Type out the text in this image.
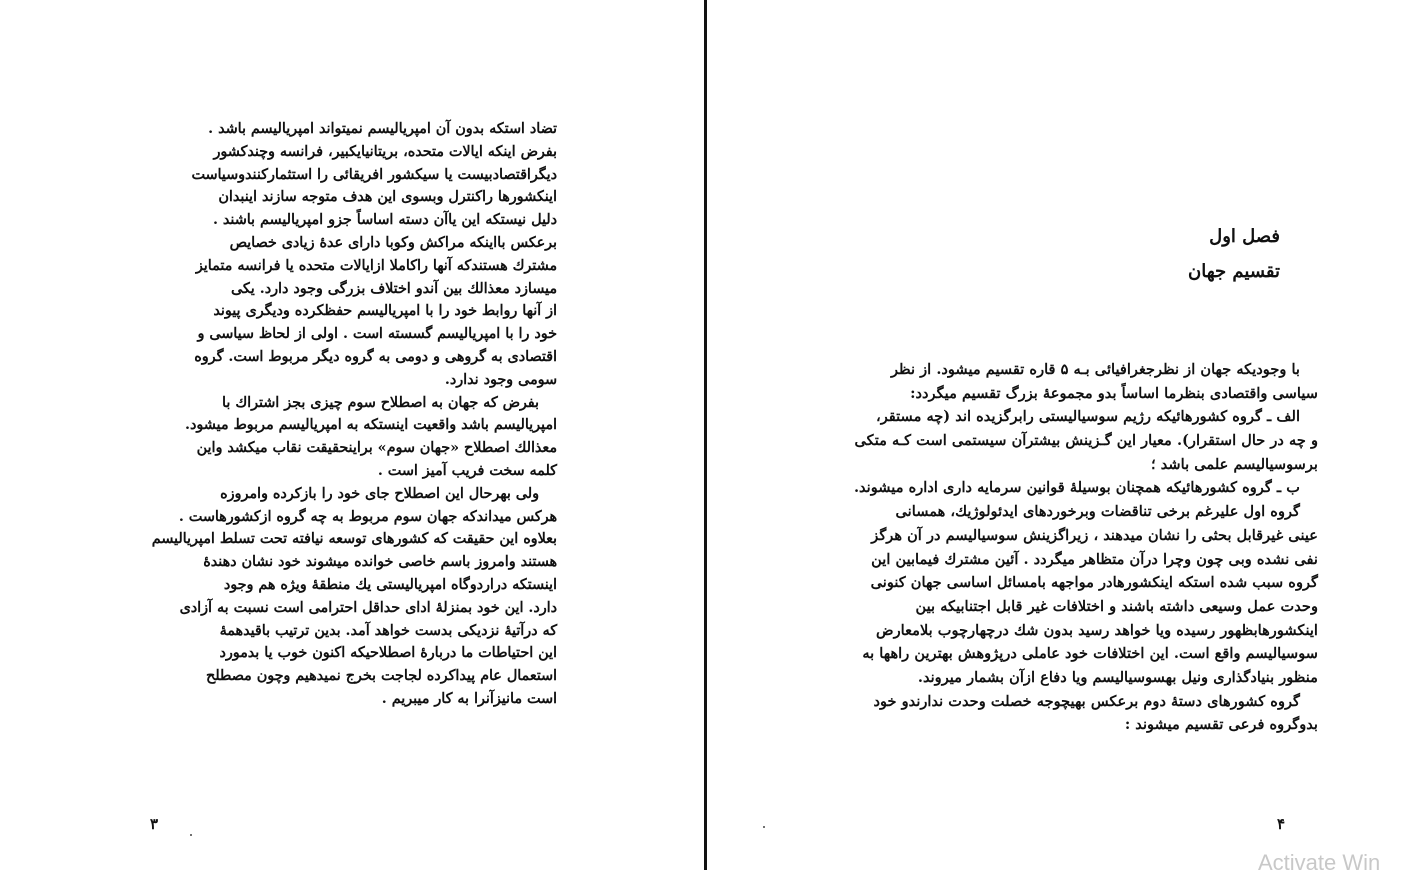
تضاد استکه بدون آن امپریالیسم نمیتواند امپریالیسم باشد .
بفرض اینکه ایالات متحده، بریتانیایکبیر، فرانسه وچندکشور
دیگراقتصادبیست یا سیکشور افریقائی را استثمارکنندوسیاست
اینکشورها راکنترل وبسوی این هدف متوجه سازند اینبدان
دلیل نیستکه این یاآن دسته اساساً جزو امپریالیسم باشند .
برعکس بااینکه مراکش وکوبا دارای عدهٔ زیادی خصایص
مشترك هستندکه آنها راکاملا ازایالات متحده یا فرانسه متمایز
میسازد معذالك بین آندو اختلاف بزرگی وجود دارد. یکی
از آنها روابط خود را با امپریالیسم حفظکرده ودیگری پیوند
خود را با امپریالیسم گسسته است . اولی از لحاظ سیاسی و
اقتصادی به گروهی و دومی به گروه دیگر مربوط است. گروه
سومی وجود ندارد.
بفرض که جهان به اصطلاح سوم چیزی بجز اشتراك با
امپریالیسم باشد واقعیت اینستکه به امپریالیسم مربوط میشود.
معذالك اصطلاح «جهان سوم» براینحقیقت نقاب میکشد واین
کلمه سخت فریب آمیز است .
ولی بهرحال این اصطلاح جای خود را بازکرده وامروزه
هرکس میداندکه جهان سوم مربوط به چه گروه ازکشورهاست .
بعلاوه این حقیقت که کشورهای توسعه نیافته تحت تسلط امپریالیسم
هستند وامروز باسم خاصی خوانده میشوند خود نشان دهندهٔ
اینستکه دراردوگاه امپریالیستی یك منطقهٔ ویژه هم وجود
دارد. این خود بمنزلهٔ ادای حداقل احترامی است نسبت به آزادی
که درآتیهٔ نزدیکی بدست خواهد آمد. بدین ترتیب باقیدهمهٔ
این احتیاطات ما دربارهٔ اصطلاحیکه اکنون خوب یا بدمورد
استعمال عام پیداکرده لجاجت بخرج نمیدهیم وچون مصطلح
است مانیزآنرا به کار میبریم .
۳
فصل اول
تقسیم جهان
با وجودیکه جهان از نظرجغرافیائی بـه ۵ قاره تقسیم میشود. از نظر
سیاسی واقتصادی بنظرما اساساً بدو مجموعهٔ بزرگ تقسیم میگردد:
الف ـ گروه کشورهائیکه رژیم سوسیالیستی رابرگزیده اند (چه مستقر،
و چه در حال استقرار). معیار این گـزینش بیشترآن سیستمی است کـه متکی
برسوسیالیسم علمی باشد ؛
ب ـ گروه کشورهائیکه همچنان بوسیلهٔ قوانین سرمایه داری اداره میشوند.
گروه اول علیرغم برخی تناقضات وبرخوردهای ایدئولوژیك، همسانی
عینی غیرقابل بحثی را نشان میدهند ، زیراگزینش سوسیالیسم در آن هرگز
نفی نشده وبی چون وچرا درآن متظاهر میگردد . آئین مشترك فیمابین این
گروه سبب شده استکه اینکشورهادر مواجهه بامسائل اساسی جهان کنونی
وحدت عمل وسیعی داشته باشند و اختلافات غیر قابل اجتنابیکه بین
اینکشورهابظهور رسیده ویا خواهد رسید بدون شك درچهارچوب بلامعارض
سوسیالیسم واقع است. این اختلافات خود عاملی درپژوهش بهترین راهها به
منظور بنیادگذاری ونیل بهسوسیالیسم ویا دفاع ازآن بشمار میروند.
گروه کشورهای دستهٔ دوم برعکس بهیچوجه خصلت وحدت ندارندو خود
بدوگروه فرعی تقسیم میشوند :
۴
Activate Win
